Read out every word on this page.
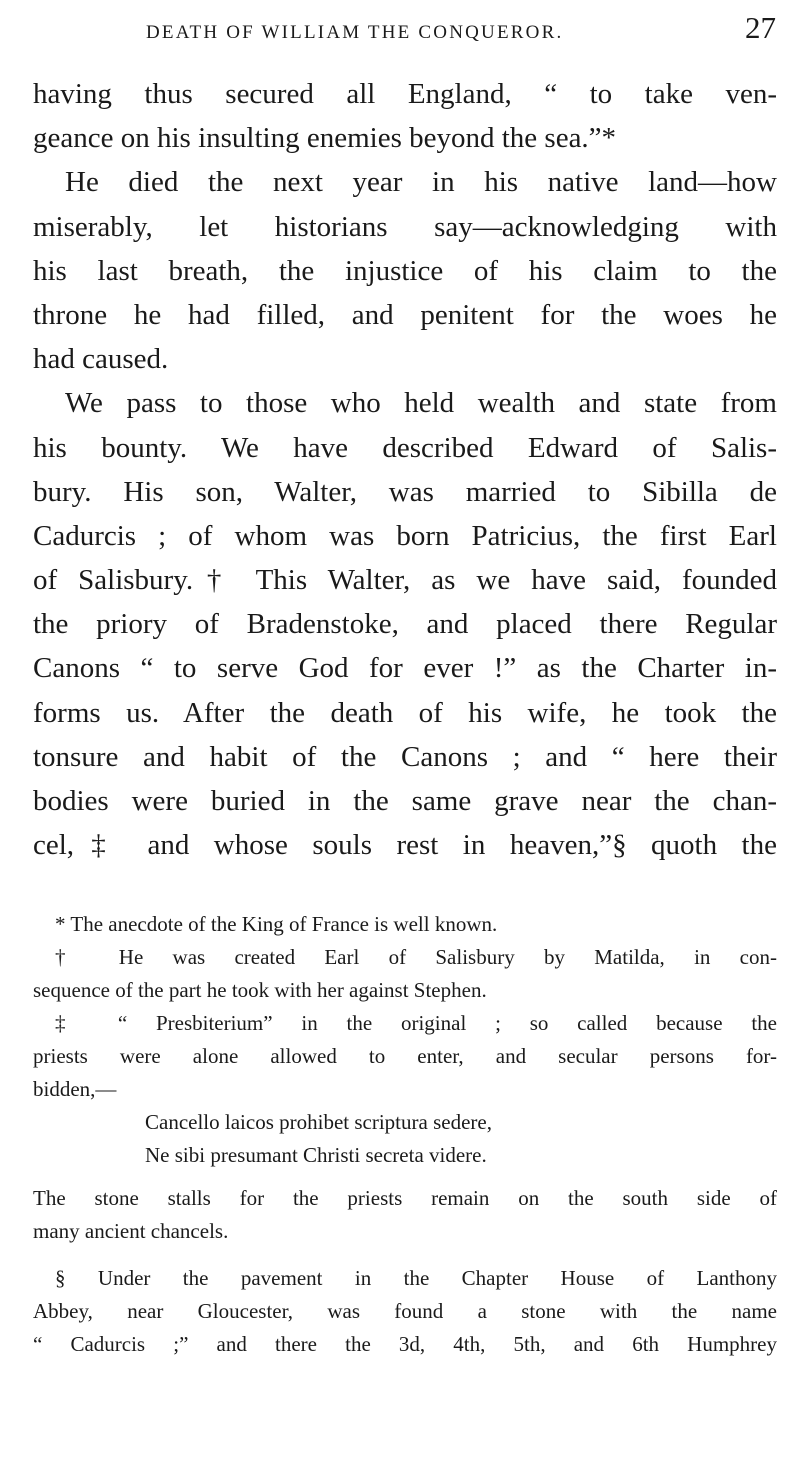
DEATH OF WILLIAM THE CONQUEROR.	27
having thus secured all England, “ to take ven-
geance on his insulting enemies beyond the sea.”*
He died the next year in his native land—how
miserably, let historians say—acknowledging with
his last breath, the injustice of his claim to the
throne he had filled, and penitent for the woes he
had caused.
We pass to those who held wealth and state from
his bounty. We have described Edward of Salis-
bury. His son, Walter, was married to Sibilla de
Cadurcis ; of whom was born Patricius, the first Earl
of Salisbury.† This Walter, as we have said, founded
the priory of Bradenstoke, and placed there Regular
Canons “ to serve God for ever !” as the Charter in-
forms us. After the death of his wife, he took the
tonsure and habit of the Canons ; and “ here their
bodies were buried in the same grave near the chan-
cel,‡ and whose souls rest in heaven,”§ quoth the
* The anecdote of the King of France is well known.
† He was created Earl of Salisbury by Matilda, in con-
sequence of the part he took with her against Stephen.
‡ “ Presbiterium” in the original ; so called because the
priests were alone allowed to enter, and secular persons for-
bidden,—
Cancello laicos prohibet scriptura sedere,
Ne sibi presumant Christi secreta videre.
The stone stalls for the priests remain on the south side of
many ancient chancels.
§ Under the pavement in the Chapter House of Lanthony
Abbey, near Gloucester, was found a stone with the name
“ Cadurcis ;” and there the 3d, 4th, 5th, and 6th Humphrey
